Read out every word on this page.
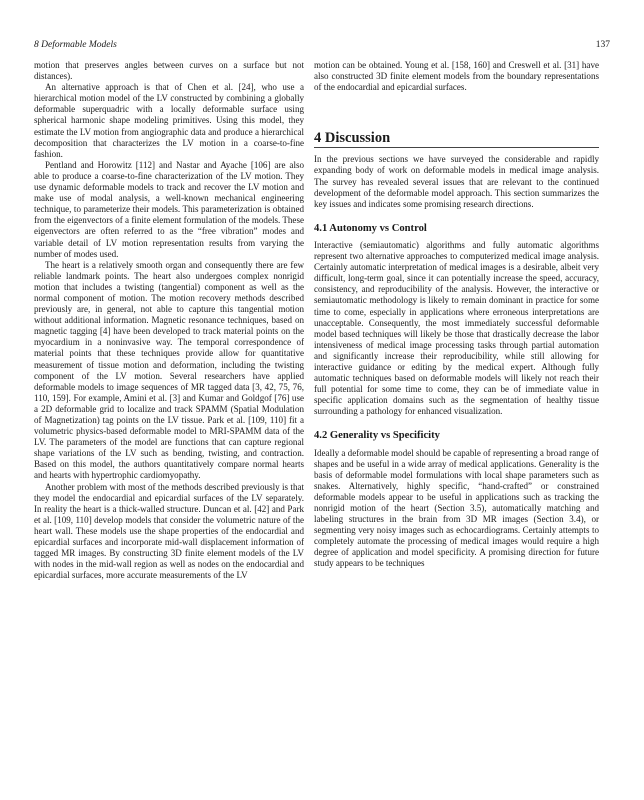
8 Deformable Models	137

motion that preserves angles between curves on a surface but not distances).

An alternative approach is that of Chen et al. [24], who use a hierarchical motion model of the LV constructed by combining a globally deformable superquadric with a locally deformable surface using spherical harmonic shape modeling primitives. Using this model, they estimate the LV motion from angiographic data and produce a hierarchical decomposition that characterizes the LV motion in a coarse-to-fine fashion.

Pentland and Horowitz [112] and Nastar and Ayache [106] are also able to produce a coarse-to-fine characterization of the LV motion. They use dynamic deformable models to track and recover the LV motion and make use of modal analysis, a well-known mechanical engineering technique, to parameterize their models. This parameterization is obtained from the eigenvectors of a finite element formulation of the models. These eigenvectors are often referred to as the “free vibration” modes and variable detail of LV motion representation results from varying the number of modes used.

The heart is a relatively smooth organ and consequently there are few reliable landmark points. The heart also undergoes complex nonrigid motion that includes a twisting (tangential) component as well as the normal component of motion. The motion recovery methods described previously are, in general, not able to capture this tangential motion without additional information. Magnetic resonance techniques, based on magnetic tagging [4] have been developed to track material points on the myocardium in a noninvasive way. The temporal correspondence of material points that these techniques provide allow for quantitative measurement of tissue motion and deformation, including the twisting component of the LV motion. Several researchers have applied deformable models to image sequences of MR tagged data [3, 42, 75, 76, 110, 159]. For example, Amini et al. [3] and Kumar and Goldgof [76] use a 2D deformable grid to localize and track SPAMM (Spatial Modulation of Magnetization) tag points on the LV tissue. Park et al. [109, 110] fit a volumetric physics-based deformable model to MRI-SPAMM data of the LV. The parameters of the model are functions that can capture regional shape variations of the LV such as bending, twisting, and contraction. Based on this model, the authors quantitatively compare normal hearts and hearts with hypertrophic cardiomyopathy.

Another problem with most of the methods described previously is that they model the endocardial and epicardial surfaces of the LV separately. In reality the heart is a thick-walled structure. Duncan et al. [42] and Park et al. [109, 110] develop models that consider the volumetric nature of the heart wall. These models use the shape properties of the endocardial and epicardial surfaces and incorporate mid-wall displacement information of tagged MR images. By constructing 3D finite element models of the LV with nodes in the mid-wall region as well as nodes on the endocardial and epicardial surfaces, more accurate measurements of the LV

motion can be obtained. Young et al. [158, 160] and Creswell et al. [31] have also constructed 3D finite element models from the boundary representations of the endocardial and epicardial surfaces.

4 Discussion

In the previous sections we have surveyed the considerable and rapidly expanding body of work on deformable models in medical image analysis. The survey has revealed several issues that are relevant to the continued development of the deformable model approach. This section summarizes the key issues and indicates some promising research directions.

4.1 Autonomy vs Control

Interactive (semiautomatic) algorithms and fully automatic algorithms represent two alternative approaches to computerized medical image analysis. Certainly automatic interpretation of medical images is a desirable, albeit very difficult, long-term goal, since it can potentially increase the speed, accuracy, consistency, and reproducibility of the analysis. However, the interactive or semiautomatic methodology is likely to remain dominant in practice for some time to come, especially in applications where erroneous interpretations are unacceptable. Consequently, the most immediately successful deformable model based techniques will likely be those that drastically decrease the labor intensiveness of medical image processing tasks through partial automation and significantly increase their reproducibility, while still allowing for interactive guidance or editing by the medical expert. Although fully automatic techniques based on deformable models will likely not reach their full potential for some time to come, they can be of immediate value in specific application domains such as the segmentation of healthy tissue surrounding a pathology for enhanced visualization.

4.2 Generality vs Specificity

Ideally a deformable model should be capable of representing a broad range of shapes and be useful in a wide array of medical applications. Generality is the basis of deformable model formulations with local shape parameters such as snakes. Alternatively, highly specific, “hand-crafted” or constrained deformable models appear to be useful in applications such as tracking the nonrigid motion of the heart (Section 3.5), automatically matching and labeling structures in the brain from 3D MR images (Section 3.4), or segmenting very noisy images such as echocardiograms. Certainly attempts to completely automate the processing of medical images would require a high degree of application and model specificity. A promising direction for future study appears to be techniques
